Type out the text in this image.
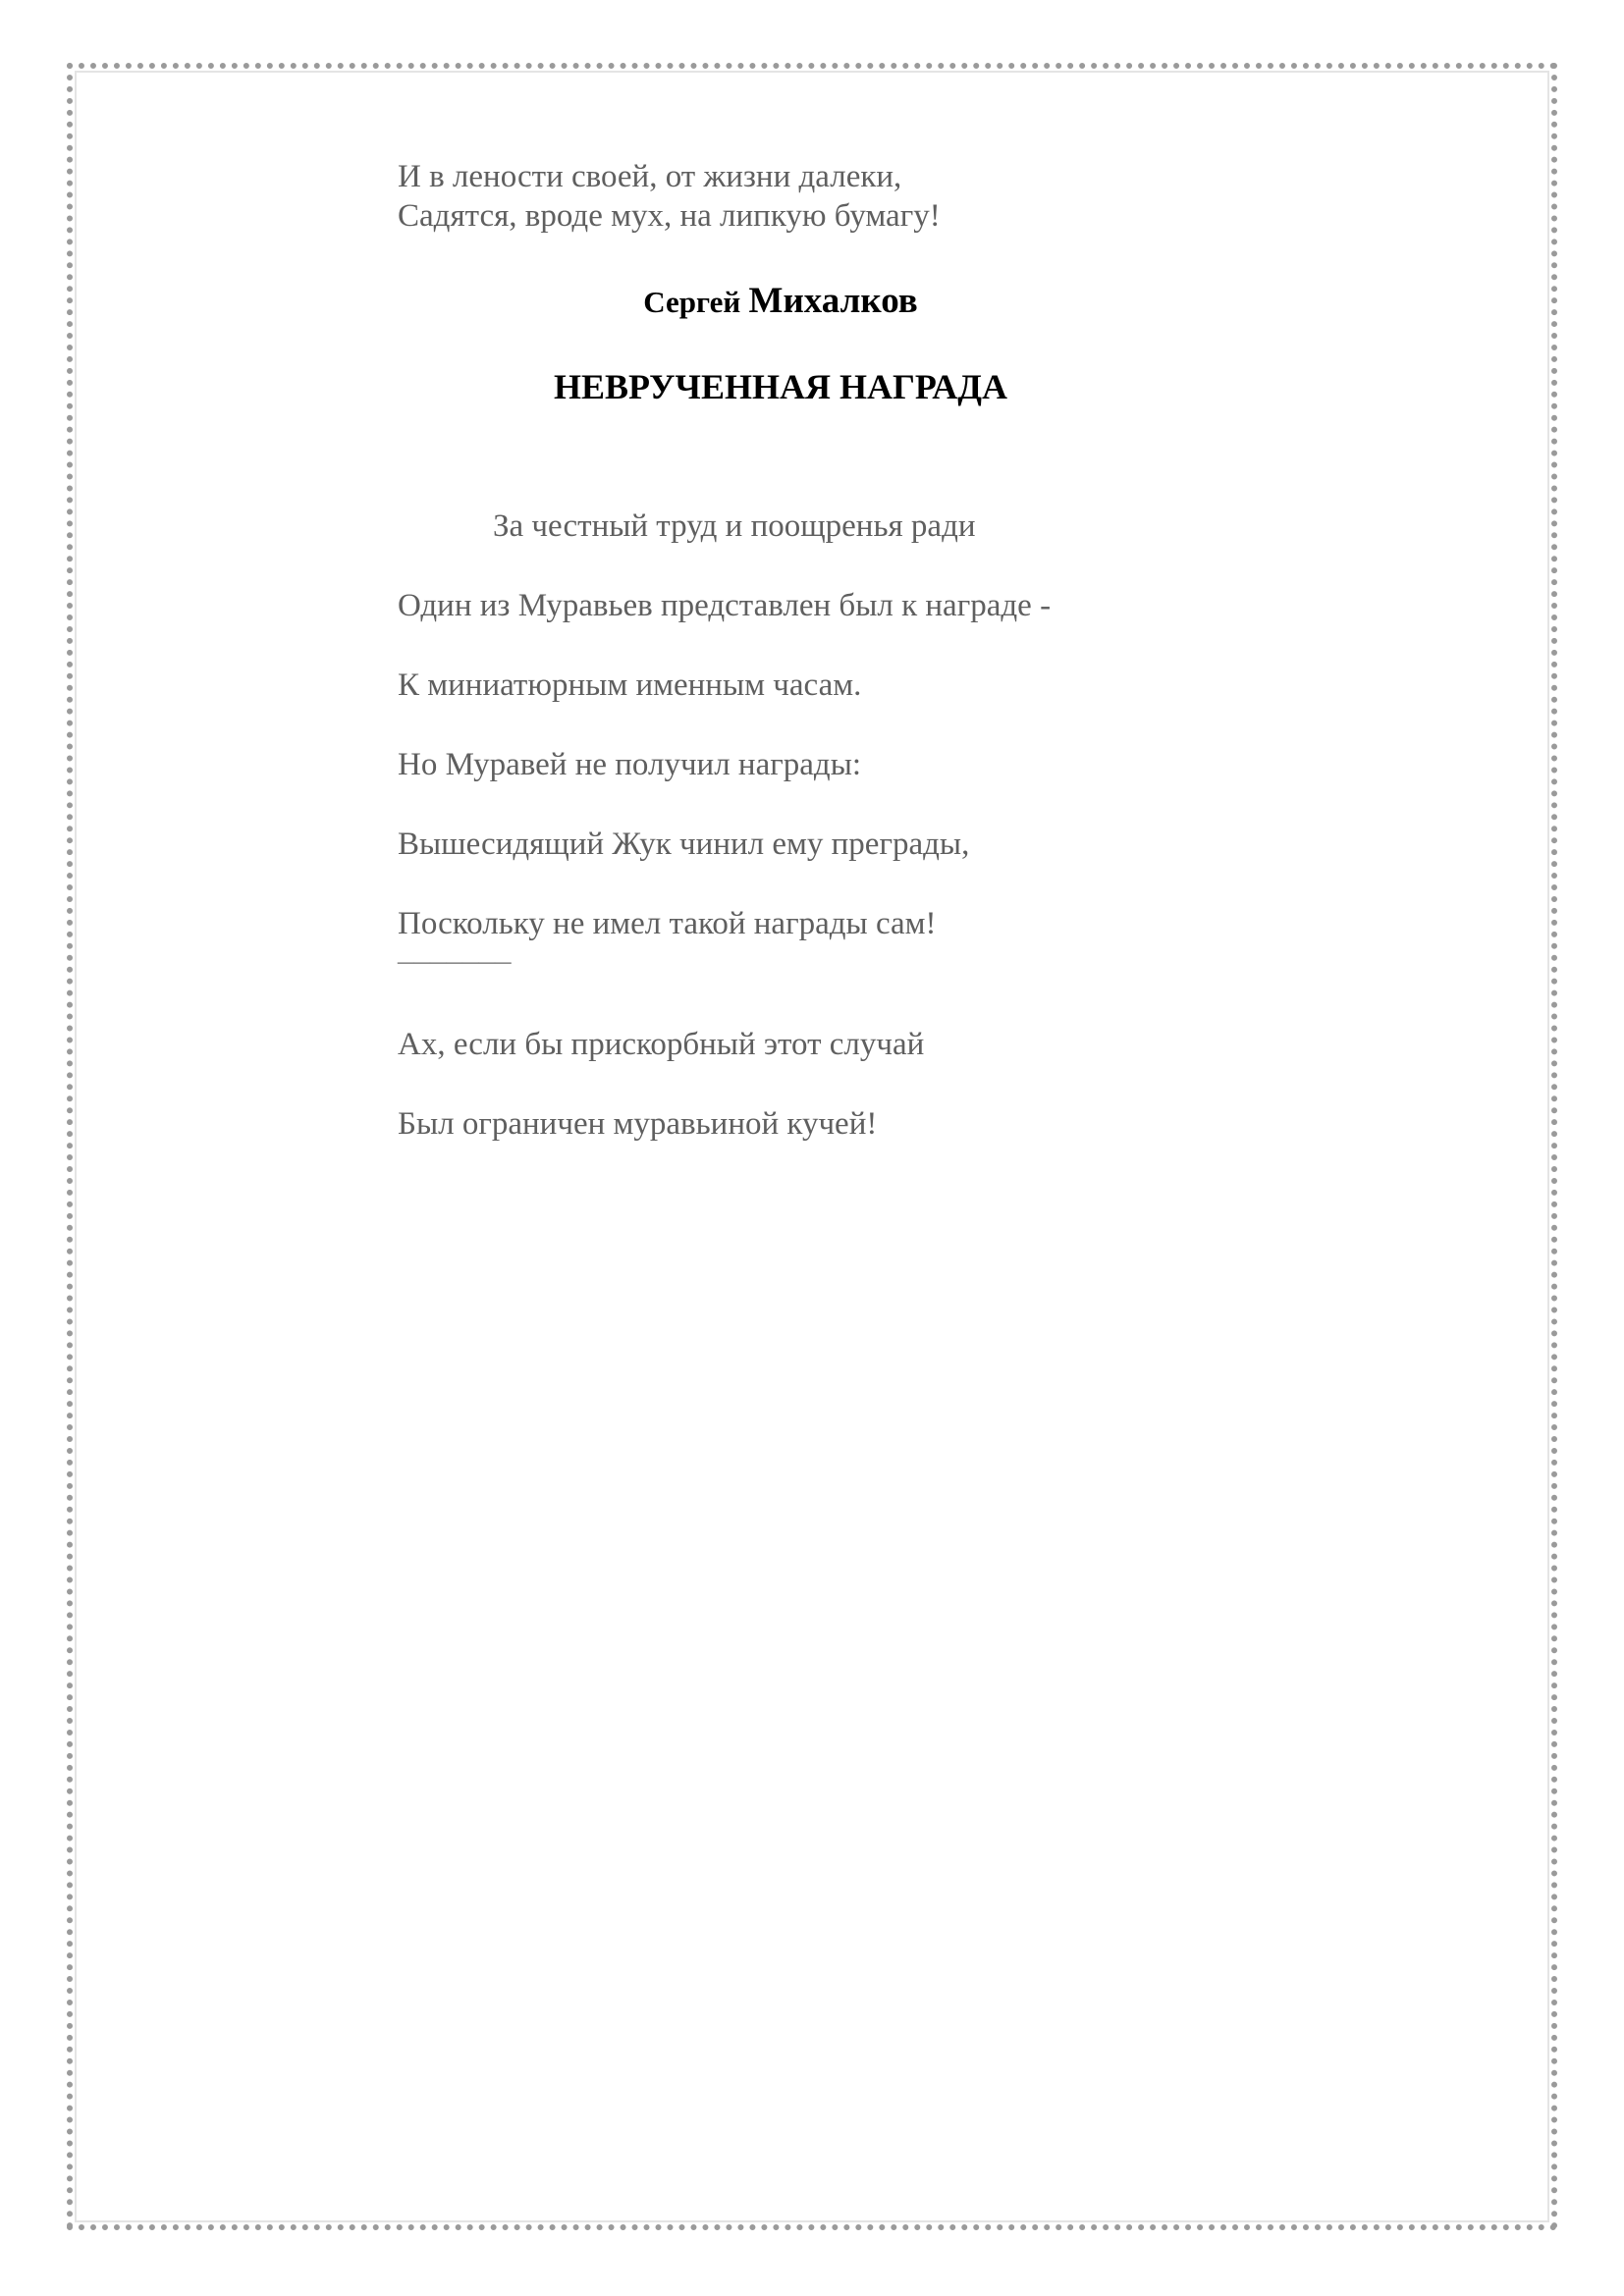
И в лености своей, от жизни далеки,
Садятся, вроде мух, на липкую бумагу!
Сергей Михалков
НЕВРУЧЕННАЯ НАГРАДА
За честный труд и поощренья ради
Один из Муравьев представлен был к награде -
К миниатюрным именным часам.
Но Муравей не получил награды:
Вышесидящий Жук чинил ему преграды,
Поскольку не имел такой награды сам!
_______
Ах, если бы прискорбный этот случай
Был ограничен муравьиной кучей!
